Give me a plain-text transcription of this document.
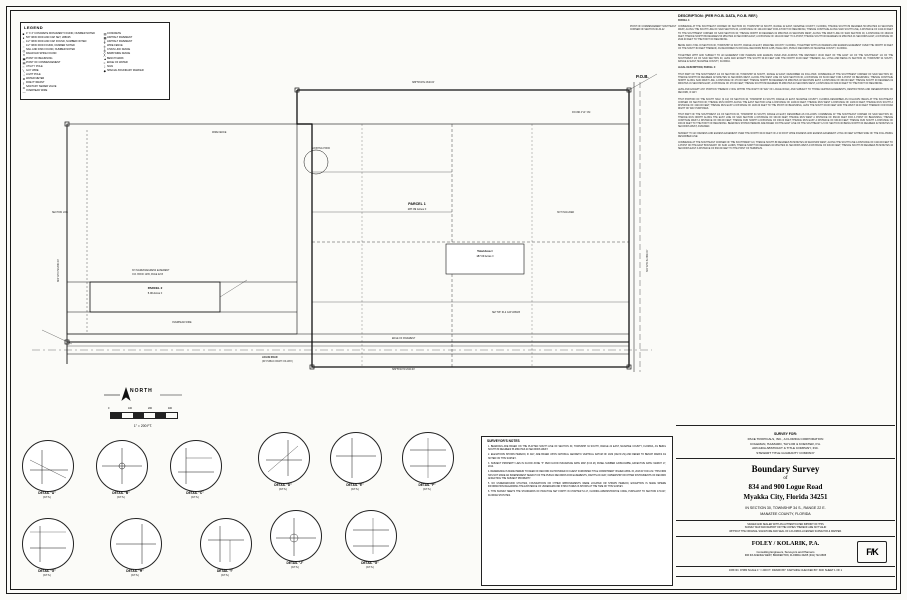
PARCEL 1
187.09 Acres ±
PARCEL 2
5.00 Acres ±
Total Area ±
187.09 Acres ±
P.O.B.
N89°56'40"E 2640.00'
S89°56'40"W 2640.00'
S00°02'31"E 2640.00'
N00°02'31"W 2640.00'
LOGUE ROAD
(60' PUBLIC RIGHT-OF-WAY)
POINT OF COMMENCEMENT SOUTHEAST CORNER OF SECTION 30-34-22
30' INGRESS/EGRESS EASEMENT
O.R. BOOK 1265, PAGE 2215
EXISTING POND
WIRE FENCE
FOUND 4"x4" CM
SET 5/8" IR & CAP LB8025
OVERHEAD WIRE
EDGE OF PAVEMENT
SECTION LINE	NOT INCLUDED
LEGEND
■ 4" X 4" CONCRETE MONUMENT FOUND, NUMBER NOTED
● 5/8" IRON ROD AND CAP SET, LB8025
○ 1/2" IRON ROD AND CAP FOUND, NUMBER NOTED
○ 1/2" IRON ROD FOUND, NUMBER NOTED
◎ NAIL AND DISK FOUND, NUMBER NOTED
✕ RAILROAD SPIKE FOUND
▣ POINT OF BEGINNING
▤ POINT OF COMMENCEMENT
⌾ UTILITY POLE
╲ GUY WIRE
☼ LIGHT POLE
⊗ WATER METER
⍙ FIRE HYDRANT
⊙ SANITARY SEWER VALVE
— OVERHEAD WIRE
▨ CONCRETE
▩ ASPHALT PAVEMENT
╫ ASPHALT PAVEMENT
╪ WIRE FENCE
╬ CHAIN LINK FENCE
╳ BARB WIRE FENCE
▲ BENCH MARK
≈ EDGE OF WATER
⌷ SIGN
◆ SPECIAL BOUNDARY MARKER
NORTH
0	100	200	400
1" = 200 FT.
SURVEYOR'S NOTES

1. BEARINGS ARE BASED ON THE PLATTED SOUTH LINE OF SECTION 30, TOWNSHIP 34 SOUTH, RANGE 22 EAST, MANATEE COUNTY, FLORIDA, AS BEING SOUTH 89 DEGREES 56 MINUTES 40 SECONDS WEST.

2. ELEVATIONS SHOWN HEREON, IF ANY, ARE BASED UPON NATIONAL GEODETIC VERTICAL DATUM OF 1929 (NGVD 29) AND REFER TO BENCH MARKS AS NOTED ON THIS SURVEY.

3. SUBJECT PROPERTY LIES IN FLOOD ZONE "X" PER FLOOD INSURANCE RATE MAP (F.I.R.M.) PANEL NUMBER 12081C0285E, EFFECTIVE DATE: MARCH 17, 2014.

4. REFERENCE IS MADE HEREIN TO DEED OF RECORD AS PROVIDED IN CLIENT FURNISHED TITLE COMMITMENT ISSUED APRIL 15, 2018 AT 8:00 A.M. THIS FIRM HAS NOT MADE AN INDEPENDENT SEARCH OF THE PUBLIC RECORDS FOR EASEMENTS, RIGHTS-OF-WAY, OWNERSHIP OR OTHER INSTRUMENTS OF RECORD AFFECTING THE SUBJECT PROPERTY.

5. NO UNDERGROUND UTILITIES, FOUNDATIONS OR OTHER IMPROVEMENTS WERE LOCATED OR SHOWN HEREON, EXCEPTION IS MADE WHERE INFORMATION REGARDING THE EXISTENCE OF UNDERGROUND STRUCTURES IS SHOWN AT THE TIME OF THIS SURVEY.

6. THIS SURVEY MEETS THE STANDARDS OF PRACTICE SET FORTH IN CHAPTER 5J-17, FLORIDA ADMINISTRATIVE CODE, PURSUANT TO SECTION 472.027, FLORIDA STATUTES.

DETAIL "A"
(N.T.S.)
DETAIL "B"
(N.T.S.)
DETAIL "C"
(N.T.S.)
DETAIL "D"
(N.T.S.)
DETAIL "E"
(N.T.S.)
DETAIL "F"
(N.T.S.)
DETAIL "G"
(N.T.S.)
DETAIL "H"
(N.T.S.)
DETAIL "I"
(N.T.S.)
DETAIL "J"
(N.T.S.)
DETAIL "G"
(N.T.S.)
DESCRIPTION: (PER P.O.B. DATA, P.O.B. REF.)

PARCEL 1:

COMMENCE AT THE SOUTHEAST CORNER OF SECTION 30, TOWNSHIP 34 SOUTH, RANGE 22 EAST, MANATEE COUNTY, FLORIDA; THENCE SOUTH 89 DEGREES 56 MINUTES 40 SECONDS WEST, ALONG THE SOUTH LINE OF SAID SECTION 30, A DISTANCE OF 1344.00 FEET FOR A POINT OF BEGINNING; THENCE CONTINUE ALONG SAID SOUTH LINE, A DISTANCE OF 1344.00 FEET TO THE SOUTHWEST CORNER OF SAID SECTION 30; THENCE NORTH 00 DEGREES 02 MINUTES 31 SECONDS WEST, ALONG THE WEST LINE OF SAID SECTION 30, A DISTANCE OF 2640.00 FEET; THENCE NORTH 89 DEGREES 56 MINUTES 40 SECONDS EAST, A DISTANCE OF 1344.00 FEET TO A POINT; THENCE SOUTH 00 DEGREES 02 MINUTES 31 SECONDS EAST, A DISTANCE OF 2640.00 FEET TO THE POINT OF BEGINNING.

BEING AND LYING IN SECTION 30, TOWNSHIP 34 SOUTH, RANGE 22 EAST, MANATEE COUNTY, FLORIDA, TOGETHER WITH AN INGRESS AND EGRESS EASEMENT OVER THE NORTH 30 FEET OF THE SOUTH 60 FEET THEREOF, AS RECORDED IN OFFICIAL RECORDS BOOK 1265, PAGE 2215, PUBLIC RECORDS OF MANATEE COUNTY, FLORIDA.

TOGETHER WITH AND SUBJECT TO AN EASEMENT FOR INGRESS AND EGRESS OVER AND ACROSS THE WESTERLY 30.00 FEET OF THE EAST 1/2 OF THE SOUTHEAST 1/4 OF THE SOUTHWEST 1/4 OF SAID SECTION 30, LESS AND EXCEPT THE SOUTH 30.00 FEET AND THE NORTH 30.00 FEET THEREOF, ALL LYING AND BEING IN SECTION 30, TOWNSHIP 34 SOUTH, RANGE 22 EAST, MANATEE COUNTY, FLORIDA.

LEGAL DESCRIPTION, PARCEL 2:

THAT PART OF THE SOUTHWEST 1/4 OF SECTION 30, TOWNSHIP 34 SOUTH, RANGE 22 EAST, DESCRIBED AS FOLLOWS: COMMENCE AT THE SOUTHWEST CORNER OF SAID SECTION 30; THENCE NORTH 00 DEGREES 02 MINUTES 31 SECONDS WEST, ALONG THE WEST LINE OF SAID SECTION 30, A DISTANCE OF 60.00 FEET FOR A POINT OF BEGINNING; THENCE CONTINUE NORTH ALONG SAID WEST LINE, A DISTANCE OF 270.00 FEET; THENCE NORTH 89 DEGREES 56 MINUTES 40 SECONDS EAST, A DISTANCE OF 660.00 FEET; THENCE SOUTH 00 DEGREES 02 MINUTES 31 SECONDS EAST, A DISTANCE OF 270.00 FEET; THENCE SOUTH 89 DEGREES 56 MINUTES 40 SECONDS WEST, A DISTANCE OF 660.00 FEET TO THE POINT OF BEGINNING.

LESS AND EXCEPT ANY PORTION THEREOF LYING WITHIN THE RIGHT OF WAY OF LOGUE ROAD, AND SUBJECT TO THOSE CERTAIN EASEMENTS, RESTRICTIONS AND RESERVATIONS OF RECORD, IF ANY.

THAT PORTION OF THE SOUTH HALF (S 1/2) OF SECTION 30, TOWNSHIP 34 SOUTH, RANGE 22 EAST, MANATEE COUNTY, FLORIDA DESCRIBED AS FOLLOWS: BEGIN AT THE SOUTHEAST CORNER OF SECTION 30; THENCE RUN NORTH ALONG THE EAST SECTION LINE A DISTANCE OF 1320.00 FEET; THENCE RUN WEST A DISTANCE OF 1320.00 FEET; THENCE RUN SOUTH A DISTANCE OF 1320.00 FEET; THENCE RUN EAST A DISTANCE OF 1320.00 FEET TO THE POINT OF BEGINNING, LESS THE SOUTH 30.00 FEET AND THE WEST 30.00 FEET THEREOF FOR ROAD RIGHT OF WAY PURPOSES.

THAT PART OF THE SOUTHWEST 1/4 OF SECTION 30, TOWNSHIP 34 SOUTH, RANGE 22 EAST, DESCRIBED AS FOLLOWS: COMMENCE AT THE SOUTHEAST CORNER OF SAID SECTION 30, THENCE RUN NORTH ALONG THE EAST LINE OF SAID SECTION A DISTANCE OF 330.00 FEET; THENCE RUN WEST A DISTANCE OF 660.00 FEET FOR A POINT OF BEGINNING; THENCE CONTINUE WEST A DISTANCE OF 660.00 FEET; THENCE RUN NORTH A DISTANCE OF 330.00 FEET; THENCE RUN EAST A DISTANCE OF 660.00 FEET; THENCE RUN SOUTH A DISTANCE OF 330.00 FEET TO THE POINT OF BEGINNING. BEARINGS SHOWN HEREON ARE BASED ON THE EAST LINE OF THE SOUTHEAST 1/4 OF SECTION 30 BEING NORTH 00 DEGREES 02 MINUTES 31 SECONDS WEST, ASSUMED.

SUBJECT TO AN INGRESS AND EGRESS EASEMENT OVER THE NORTH 30.00 FEET OF A 30 FOOT WIDE INGRESS AND EGRESS EASEMENT LYING 30 FEET EITHER SIDE OF THE FOLLOWING DESCRIBED LINE:

COMMENCE AT THE SOUTHEAST CORNER OF THE SOUTHWEST 1/4; THENCE SOUTH 89 DEGREES 56 MINUTES 40 SECONDS WEST, ALONG THE SOUTH LINE A DISTANCE OF 1320.00 FEET TO A POINT ON THE EAST BOUNDARY OF SAID LANDS; THENCE NORTH 00 DEGREES 02 MINUTES 31 SECONDS WEST A DISTANCE OF 330.00 FEET; THENCE SOUTH 89 DEGREES 56 MINUTES 40 SECONDS EAST A DISTANCE OF 660.00 FEET TO THE POINT OF TERMINUS.

SURVEY FOR:
PACE TROPICALS, INC., A FLORIDA CORPORATION
COLEMAN, HAZZARD, TAYLOR & KOESTER, P.A.
ARCADIA ABSTRACT & TITLE COMPANY, INC.
STEWART TITLE GUARANTY COMPANY
Boundary Survey
of
834 and 900 Logue Road
Myakka City, Florida 34251
IN SECTION 30, TOWNSHIP 34 S., RANGE 22 E.
MANATEE COUNTY, FLORIDA
SIGNED AND SEALED WITH AN AUTHENTICATED IMPRINT OF THIS
SURVEY MAP AND REPORT OR THE COPIES THEREOF ARE NOT VALID
WITHOUT THE ORIGINAL SIGNATURE AND SEAL OF A FLORIDA LICENSED SURVEYOR & MAPPER.
FOLEY / KOLARIK, P.A.
Consulting Engineers, Surveyors and Planners
906 6th AVENUE WEST, BRADENTON, FLORIDA 34205 (941) 722-6695	F/K
JOB NO. 97080 SCALE 1" = 200 FT. DRAWN BY: KARTHIKE CHECKED BY: KDK SHEET 1 OF 1
